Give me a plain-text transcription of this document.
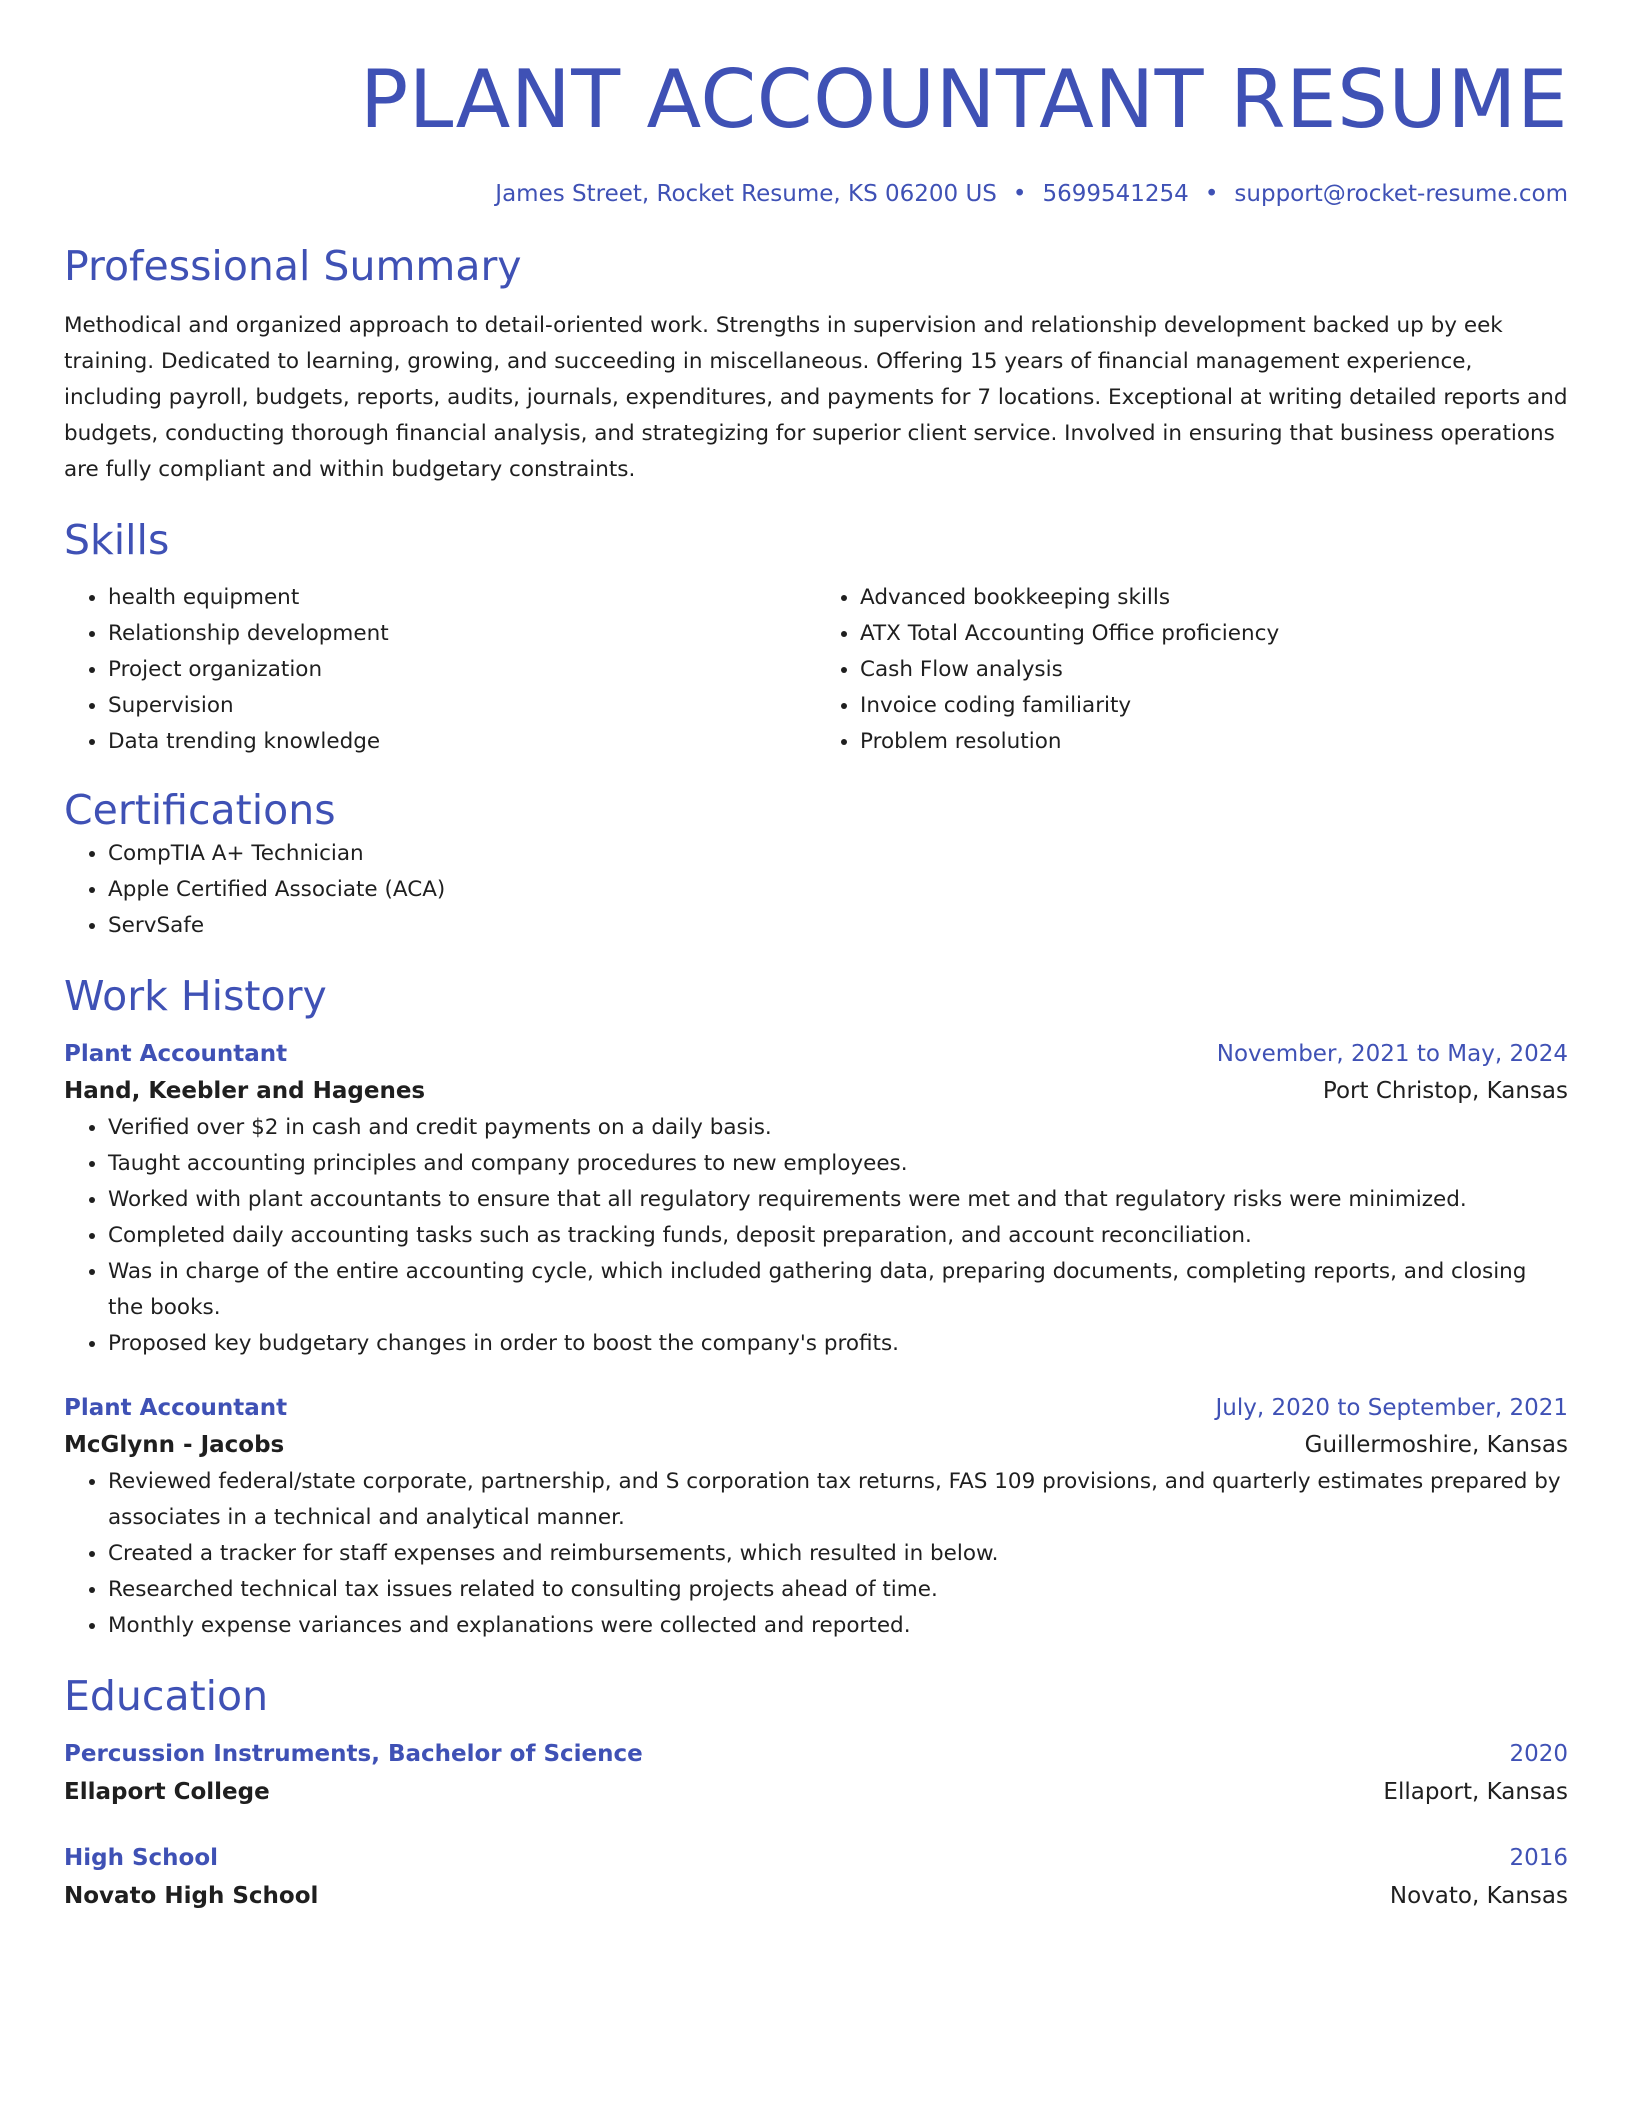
PLANT ACCOUNTANT RESUME
James Street, Rocket Resume, KS 06200 US • 5699541254 • support@rocket-resume.com
Professional Summary
Methodical and organized approach to detail-oriented work. Strengths in supervision and relationship development backed up by eek training. Dedicated to learning, growing, and succeeding in miscellaneous. Offering 15 years of financial management experience, including payroll, budgets, reports, audits, journals, expenditures, and payments for 7 locations. Exceptional at writing detailed reports and budgets, conducting thorough financial analysis, and strategizing for superior client service. Involved in ensuring that business operations are fully compliant and within budgetary constraints.
Skills
• health equipment
• Relationship development
• Project organization
• Supervision
• Data trending knowledge
• Advanced bookkeeping skills
• ATX Total Accounting Office proficiency
• Cash Flow analysis
• Invoice coding familiarity
• Problem resolution
Certifications
• CompTIA A+ Technician
• Apple Certified Associate (ACA)
• ServSafe
Work History
Plant Accountant	November, 2021 to May, 2024
Hand, Keebler and Hagenes	Port Christop, Kansas
• Verified over $2 in cash and credit payments on a daily basis.
• Taught accounting principles and company procedures to new employees.
• Worked with plant accountants to ensure that all regulatory requirements were met and that regulatory risks were minimized.
• Completed daily accounting tasks such as tracking funds, deposit preparation, and account reconciliation.
• Was in charge of the entire accounting cycle, which included gathering data, preparing documents, completing reports, and closing the books.
• Proposed key budgetary changes in order to boost the company's profits.
Plant Accountant	July, 2020 to September, 2021
McGlynn - Jacobs	Guillermoshire, Kansas
• Reviewed federal/state corporate, partnership, and S corporation tax returns, FAS 109 provisions, and quarterly estimates prepared by associates in a technical and analytical manner.
• Created a tracker for staff expenses and reimbursements, which resulted in below.
• Researched technical tax issues related to consulting projects ahead of time.
• Monthly expense variances and explanations were collected and reported.
Education
Percussion Instruments, Bachelor of Science	2020
Ellaport College	Ellaport, Kansas
High School	2016
Novato High School	Novato, Kansas
